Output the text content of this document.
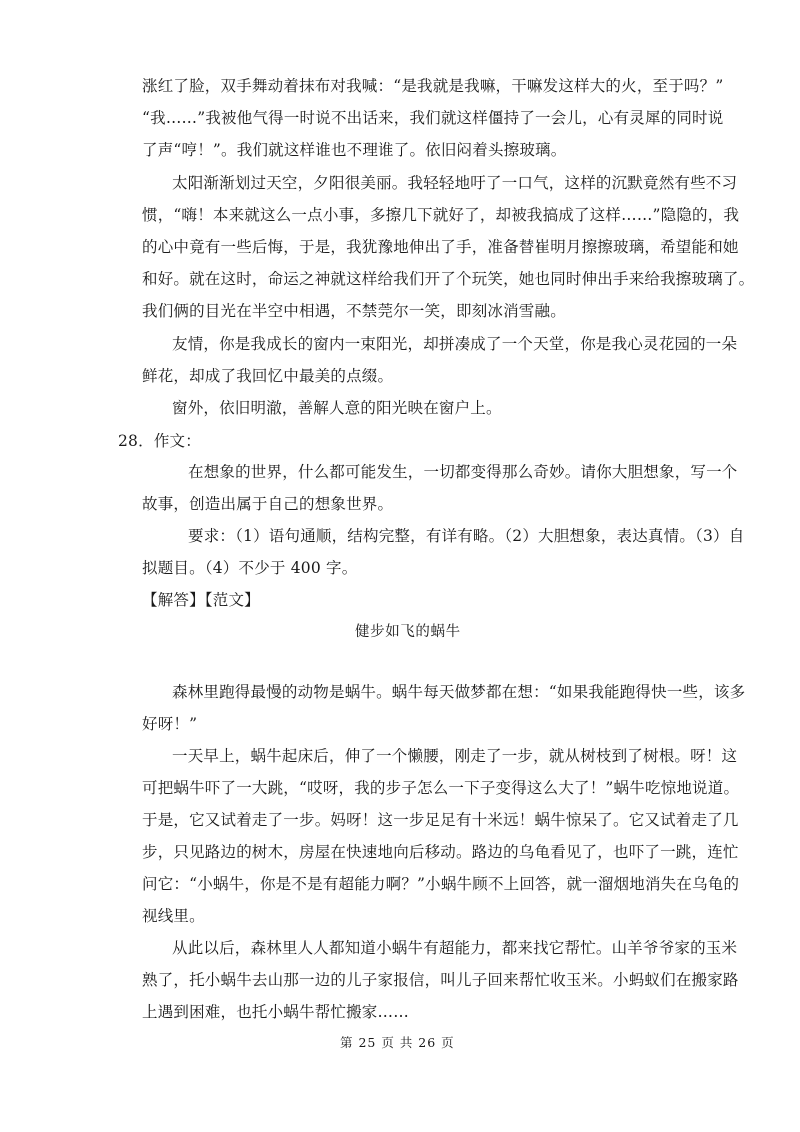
涨红了脸，双手舞动着抹布对我喊：“是我就是我嘛，干嘛发这样大的火，至于吗？”
“我……”我被他气得一时说不出话来，我们就这样僵持了一会儿，心有灵犀的同时说
了声“哼！”。我们就这样谁也不理谁了。依旧闷着头擦玻璃。
太阳渐渐划过天空，夕阳很美丽。我轻轻地吁了一口气，这样的沉默竟然有些不习
惯，“嗨！本来就这么一点小事，多擦几下就好了，却被我搞成了这样……”隐隐的，我
的心中竟有一些后悔，于是，我犹豫地伸出了手，准备替崔明月擦擦玻璃，希望能和她
和好。就在这时，命运之神就这样给我们开了个玩笑，她也同时伸出手来给我擦玻璃了。
我们俩的目光在半空中相遇，不禁莞尔一笑，即刻冰消雪融。
友情，你是我成长的窗内一束阳光，却拼凑成了一个天堂，你是我心灵花园的一朵
鲜花，却成了我回忆中最美的点缀。
窗外，依旧明澈，善解人意的阳光映在窗户上。
28．作文：
在想象的世界，什么都可能发生，一切都变得那么奇妙。请你大胆想象，写一个
故事，创造出属于自己的想象世界。
要求：（1）语句通顺，结构完整，有详有略。（2）大胆想象，表达真情。（3）自
拟题目。（4）不少于 400 字。
【解答】【范文】
健步如飞的蜗牛
森林里跑得最慢的动物是蜗牛。蜗牛每天做梦都在想：“如果我能跑得快一些，该多
好呀！”
一天早上，蜗牛起床后，伸了一个懒腰，刚走了一步，就从树枝到了树根。呀！这
可把蜗牛吓了一大跳，“哎呀，我的步子怎么一下子变得这么大了！”蜗牛吃惊地说道。
于是，它又试着走了一步。妈呀！这一步足足有十米远！蜗牛惊呆了。它又试着走了几
步，只见路边的树木，房屋在快速地向后移动。路边的乌龟看见了，也吓了一跳，连忙
问它：“小蜗牛，你是不是有超能力啊？”小蜗牛顾不上回答，就一溜烟地消失在乌龟的
视线里。
从此以后，森林里人人都知道小蜗牛有超能力，都来找它帮忙。山羊爷爷家的玉米
熟了，托小蜗牛去山那一边的儿子家报信，叫儿子回来帮忙收玉米。小蚂蚁们在搬家路
上遇到困难，也托小蜗牛帮忙搬家……
第 25 页 共 26 页
